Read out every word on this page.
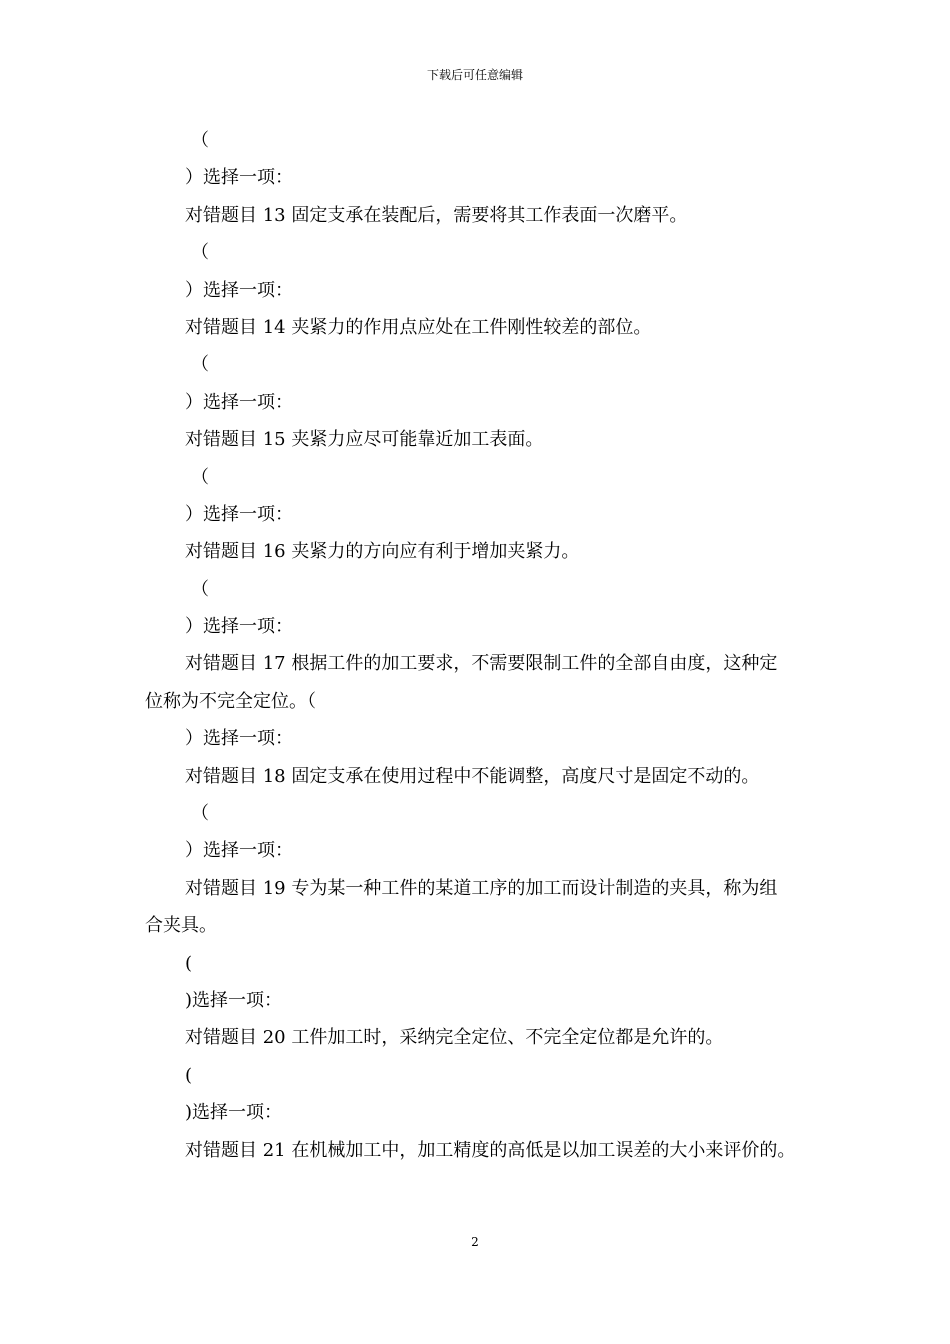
下载后可任意编辑
（
）选择一项：
对错题目 13 固定支承在装配后，需要将其工作表面一次磨平。
（
）选择一项：
对错题目 14 夹紧力的作用点应处在工件刚性较差的部位。
（
）选择一项：
对错题目 15 夹紧力应尽可能靠近加工表面。
（
）选择一项：
对错题目 16 夹紧力的方向应有利于增加夹紧力。
（
）选择一项：
对错题目 17 根据工件的加工要求，不需要限制工件的全部自由度，这种定
位称为不完全定位。（
）选择一项：
对错题目 18 固定支承在使用过程中不能调整，高度尺寸是固定不动的。
（
）选择一项：
对错题目 19 专为某一种工件的某道工序的加工而设计制造的夹具，称为组
合夹具。
(
)选择一项：
对错题目 20 工件加工时，采纳完全定位、不完全定位都是允许的。
(
)选择一项：
对错题目 21 在机械加工中，加工精度的高低是以加工误差的大小来评价的。
2
